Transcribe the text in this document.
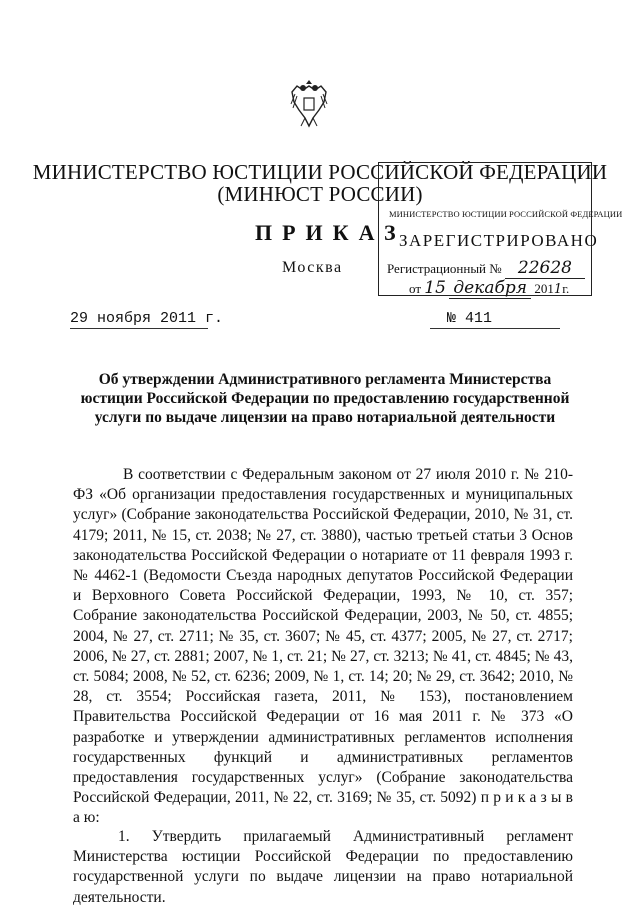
МИНИСТЕРСТВО ЮСТИЦИИ РОССИЙСКОЙ ФЕДЕРАЦИИ
(МИНЮСТ РОССИИ)
ПРИКАЗ
Москва
МИНИСТЕРСТВО ЮСТИЦИИ РОССИЙСКОЙ ФЕДЕРАЦИИ
ЗАРЕГИСТРИРОВАНО
Регистрационный № 22628
от 15 декабря 2011г.
29 ноября 2011 г.	№ 411
Об утверждении Административного регламента Министерства юстиции Российской Федерации по предоставлению государственной услуги по выдаче лицензии на право нотариальной деятельности

В соответствии с Федеральным законом от 27 июля 2010 г. № 210-ФЗ «Об организации предоставления государственных и муниципальных услуг» (Собрание законодательства Российской Федерации, 2010, № 31, ст. 4179; 2011, № 15, ст. 2038; № 27, ст. 3880), частью третьей статьи 3 Основ законодательства Российской Федерации о нотариате от 11 февраля 1993 г. № 4462-1 (Ведомости Съезда народных депутатов Российской Федерации и Верховного Совета Российской Федерации, 1993, № 10, ст. 357; Собрание законодательства Российской Федерации, 2003, № 50, ст. 4855; 2004, № 27, ст. 2711; № 35, ст. 3607; № 45, ст. 4377; 2005, № 27, ст. 2717; 2006, № 27, ст. 2881; 2007, № 1, ст. 21; № 27, ст. 3213; № 41, ст. 4845; № 43, ст. 5084; 2008, № 52, ст. 6236; 2009, № 1, ст. 14; 20; № 29, ст. 3642; 2010, № 28, ст. 3554; Российская газета, 2011, № 153), постановлением Правительства Российской Федерации от 16 мая 2011 г. № 373 «О разработке и утверждении административных регламентов исполнения государственных функций и административных регламентов предоставления государственных услуг» (Собрание законодательства Российской Федерации, 2011, № 22, ст. 3169; № 35, ст. 5092) п р и к а з ы в а ю:

1. Утвердить прилагаемый Административный регламент Министерства юстиции Российской Федерации по предоставлению государственной услуги по выдаче лицензии на право нотариальной деятельности.
